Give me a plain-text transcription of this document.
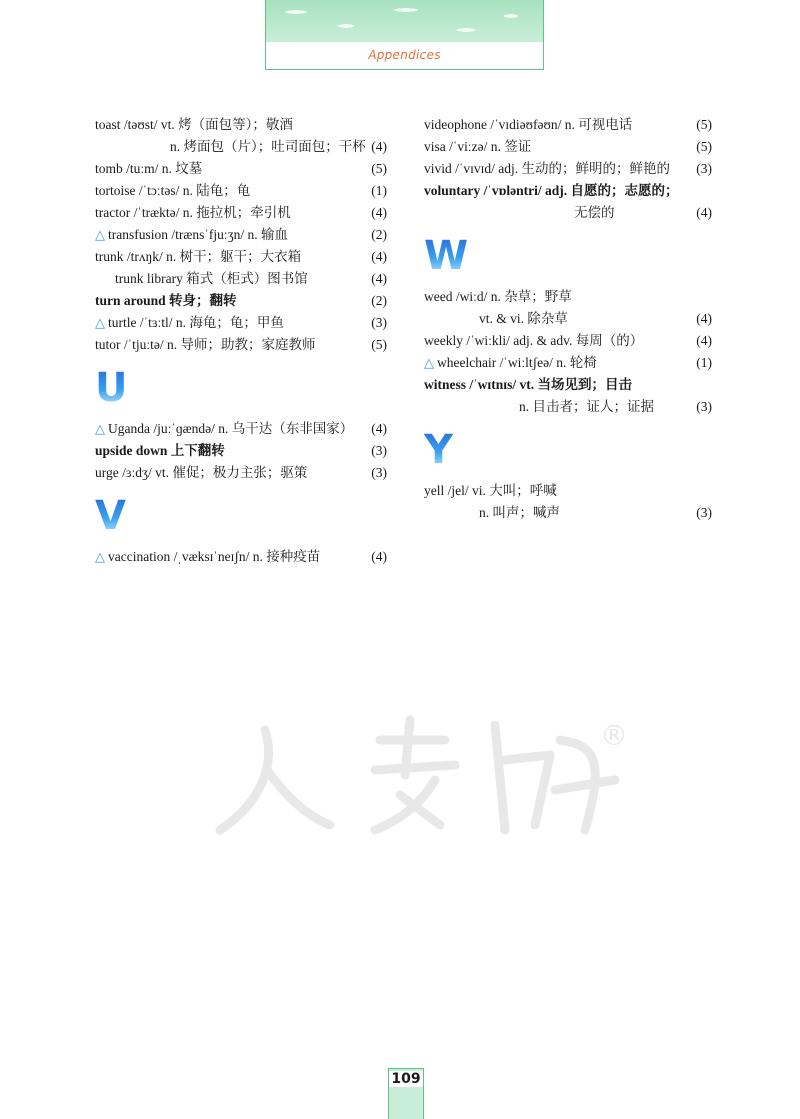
Appendices
toast /təʊst/ vt. 烤（面包等）；敬酒
n. 烤面包（片）；吐司面包；干杯 (4)
tomb /tuːm/ n. 坟墓	(5)
tortoise /ˈtɔːtəs/ n. 陆龟；龟	(1)
tractor /ˈtræktə/ n. 拖拉机；牵引机	(4)
△ transfusion /trænsˈfjuːʒn/ n. 输血	(2)
trunk /trʌŋk/ n. 树干；躯干；大衣箱	(4)
trunk library 箱式（柜式）图书馆	(4)
turn around 转身；翻转	(2)
△ turtle /ˈtɜːtl/ n. 海龟；龟；甲鱼	(3)
tutor /ˈtjuːtə/ n. 导师；助教；家庭教师	(5)
U
△ Uganda /juːˈɡændə/ n. 乌干达（东非国家） (4)
upside down 上下翻转	(3)
urge /ɜːdʒ/ vt. 催促；极力主张；驱策	(3)
V
△ vaccination /ˌvæksɪˈneɪʃn/ n. 接种疫苗	(4)
videophone /ˈvɪdiəʊfəʊn/ n. 可视电话	(5)
visa /ˈviːzə/ n. 签证	(5)
vivid /ˈvɪvɪd/ adj. 生动的；鲜明的；鲜艳的 (3)
voluntary /ˈvɒləntri/ adj. 自愿的；志愿的；
无偿的	(4)
W
weed /wiːd/ n. 杂草；野草
vt. & vi. 除杂草	(4)
weekly /ˈwiːkli/ adj. & adv. 每周（的）	(4)
△ wheelchair /ˈwiːltʃeə/ n. 轮椅	(1)
witness /ˈwɪtnɪs/ vt. 当场见到；目击
n. 目击者；证人；证据	(3)
Y
yell /jel/ vi. 大叫；呼喊
n. 叫声；喊声	(3)
®
109
